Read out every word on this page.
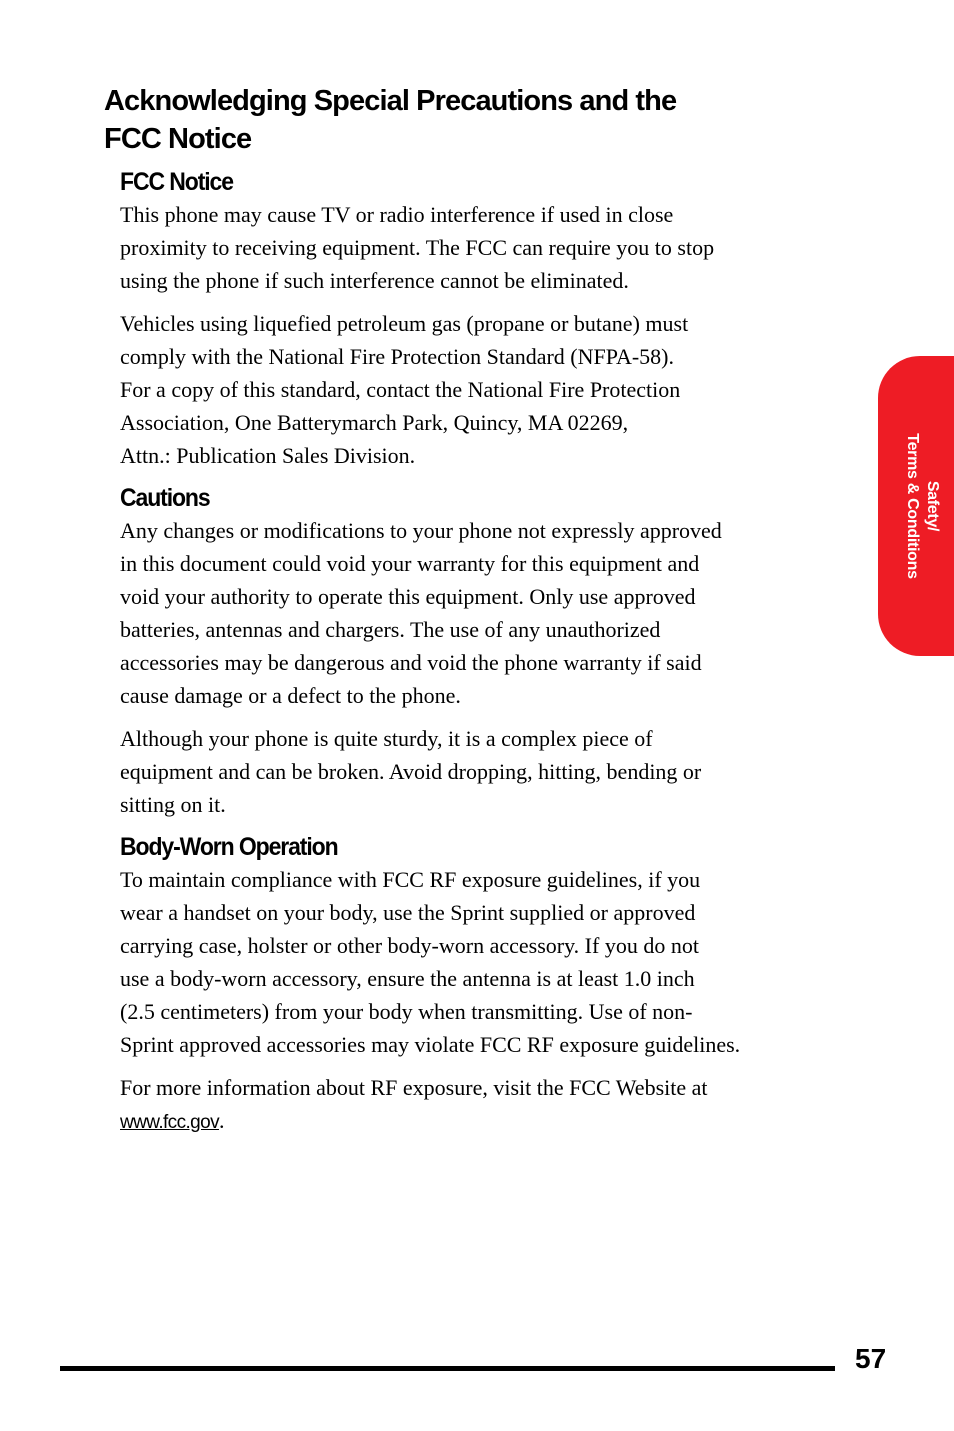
Acknowledging Special Precautions and the
FCC Notice
FCC Notice

This phone may cause TV or radio interference if used in close
proximity to receiving equipment. The FCC can require you to stop
using the phone if such interference cannot be eliminated.

Vehicles using liquefied petroleum gas (propane or butane) must
comply with the National Fire Protection Standard (NFPA-58).
For a copy of this standard, contact the National Fire Protection
Association, One Batterymarch Park, Quincy, MA 02269,
Attn.: Publication Sales Division.

Cautions

Any changes or modifications to your phone not expressly approved
in this document could void your warranty for this equipment and
void your authority to operate this equipment. Only use approved
batteries, antennas and chargers. The use of any unauthorized
accessories may be dangerous and void the phone warranty if said
cause damage or a defect to the phone.

Although your phone is quite sturdy, it is a complex piece of
equipment and can be broken. Avoid dropping, hitting, bending or
sitting on it.

Body-Worn Operation

To maintain compliance with FCC RF exposure guidelines, if you
wear a handset on your body, use the Sprint supplied or approved
carrying case, holster or other body-worn accessory. If you do not
use a body-worn accessory, ensure the antenna is at least 1.0 inch
(2.5 centimeters) from your body when transmitting. Use of non-
Sprint approved accessories may violate FCC RF exposure guidelines.

For more information about RF exposure, visit the FCC Website at
www.fcc.gov.

Safety/
Terms & Conditions
57
